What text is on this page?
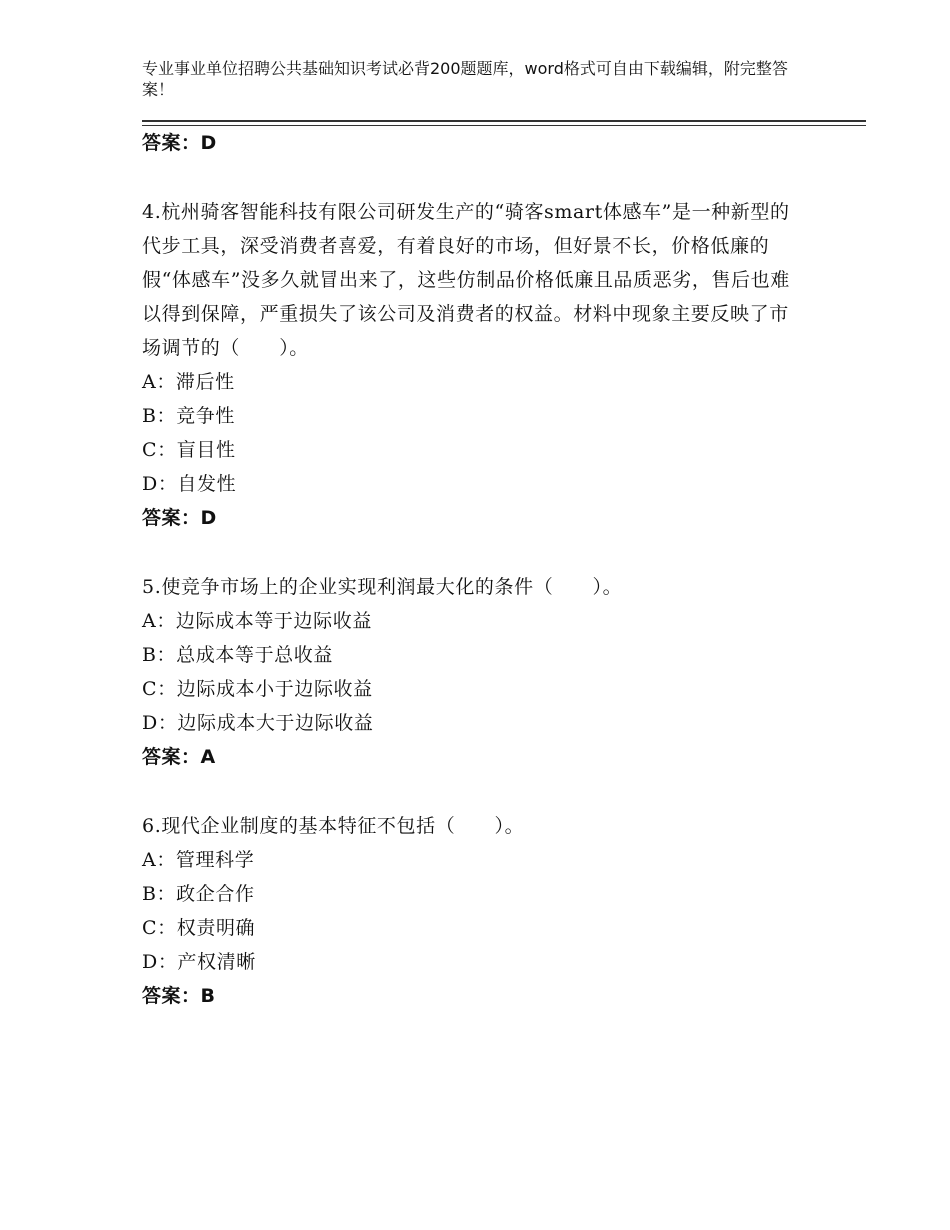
专业事业单位招聘公共基础知识考试必背200题题库，word格式可自由下载编辑，附完整答案！
答案：D
4.杭州骑客智能科技有限公司研发生产的“骑客smart体感车”是一种新型的代步工具，深受消费者喜爱，有着良好的市场，但好景不长，价格低廉的假“体感车”没多久就冒出来了，这些仿制品价格低廉且品质恶劣，售后也难以得到保障，严重损失了该公司及消费者的权益。材料中现象主要反映了市场调节的（　　）。
A：滞后性
B：竞争性
C：盲目性
D：自发性
答案：D
5.使竞争市场上的企业实现利润最大化的条件（　　）。
A：边际成本等于边际收益
B：总成本等于总收益
C：边际成本小于边际收益
D：边际成本大于边际收益
答案：A
6.现代企业制度的基本特征不包括（　　）。
A：管理科学
B：政企合作
C：权责明确
D：产权清晰
答案：B
